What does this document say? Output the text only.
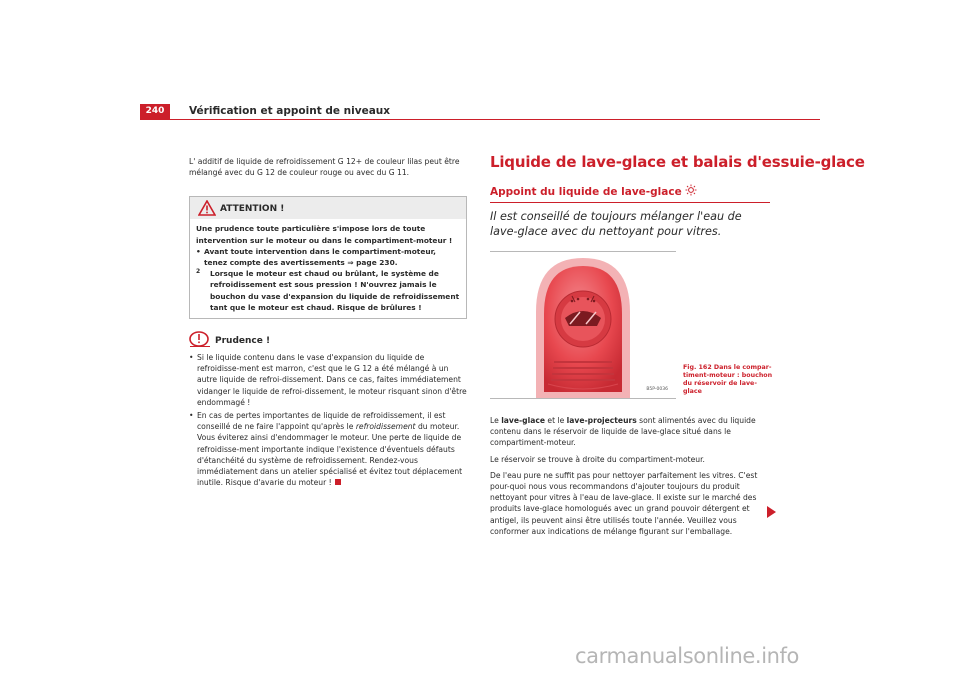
240	Vérification et appoint de niveaux

L' additif de liquide de refroidissement G 12+ de couleur lilas peut être mélangé avec du G 12 de couleur rouge ou avec du G 11.

ATTENTION !
Une prudence toute particulière s'impose lors de toute intervention sur le moteur ou dans le compartiment-moteur !
• Avant toute intervention dans le compartiment-moteur, tenez compte des avertissements ⇒ page 230.
2 Lorsque le moteur est chaud ou brûlant, le système de refroidissement est sous pression ! N'ouvrez jamais le bouchon du vase d'expansion du liquide de refroidissement tant que le moteur est chaud. Risque de brûlures !
Prudence !
• Si le liquide contenu dans le vase d'expansion du liquide de refroidisse-ment est marron, c'est que le G 12 a été mélangé à un autre liquide de refroi-dissement. Dans ce cas, faites immédiatement vidanger le liquide de refroi-dissement, le moteur risquant sinon d'être endommagé !
• En cas de pertes importantes de liquide de refroidissement, il est conseillé de ne faire l'appoint qu'après le refroidissement du moteur. Vous éviterez ainsi d'endommager le moteur. Une perte de liquide de refroidisse-ment importante indique l'existence d'éventuels défauts d'étanchéité du système de refroidissement. Rendez-vous immédiatement dans un atelier spécialisé et évitez tout déplacement inutile. Risque d'avarie du moteur !
Liquide de lave-glace et balais d'essuie-glace
Appoint du liquide de lave-glace
Il est conseillé de toujours mélanger l'eau de lave-glace avec du nettoyant pour vitres.
B5P-0036

Le lave-glace et le lave-projecteurs sont alimentés avec du liquide contenu dans le réservoir de liquide de lave-glace situé dans le compartiment-moteur.

Le réservoir se trouve à droite du compartiment-moteur.

De l'eau pure ne suffit pas pour nettoyer parfaitement les vitres. C'est pour-quoi nous vous recommandons d'ajouter toujours du produit nettoyant pour vitres à l'eau de lave-glace. Il existe sur le marché des produits lave-glace homologués avec un grand pouvoir détergent et antigel, ils peuvent ainsi être utilisés toute l'année. Veuillez vous conformer aux indications de mélange figurant sur l'emballage.

Fig. 162 Dans le compar-timent-moteur : bouchon du réservoir de lave-glace
carmanualsonline.info
